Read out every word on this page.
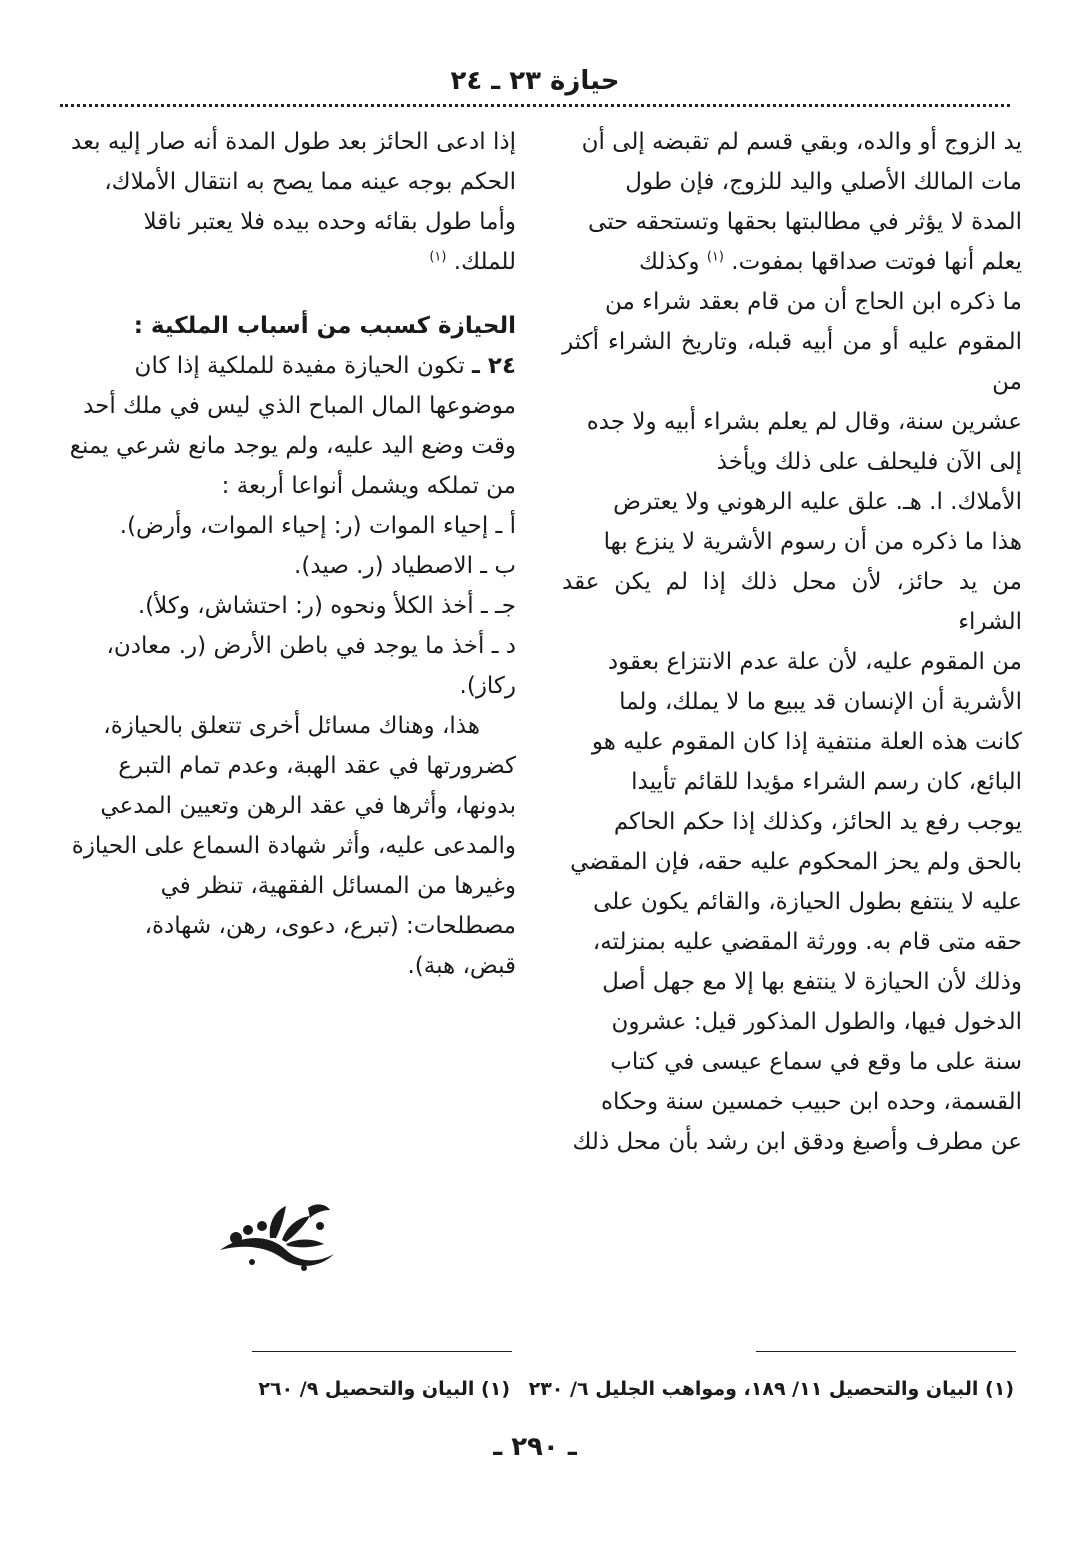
حيازة ٢٣ ـ ٢٤

يد الزوج أو والده، وبقي قسم لم تقبضه إلى أن

مات المالك الأصلي واليد للزوج، فإن طول

المدة لا يؤثر في مطالبتها بحقها وتستحقه حتى

يعلم أنها فوتت صداقها بمفوت. $^{(١)}$ وكذلك

ما ذكره ابن الحاج أن من قام بعقد شراء من

المقوم عليه أو من أبيه قبله، وتاريخ الشراء أكثر من

عشرين سنة، وقال لم يعلم بشراء أبيه ولا جده

إلى الآن فليحلف على ذلك ويأخذ

الأملاك. ا. هـ. علق عليه الرهوني ولا يعترض

هذا ما ذكره من أن رسوم الأشرية لا ينزع بها

من يد حائز، لأن محل ذلك إذا لم يكن عقد الشراء

من المقوم عليه، لأن علة عدم الانتزاع بعقود

الأشرية أن الإنسان قد يبيع ما لا يملك، ولما

كانت هذه العلة منتفية إذا كان المقوم عليه هو

البائع، كان رسم الشراء مؤيدا للقائم تأييدا

يوجب رفع يد الحائز، وكذلك إذا حكم الحاكم

بالحق ولم يحز المحكوم عليه حقه، فإن المقضي

عليه لا ينتفع بطول الحيازة، والقائم يكون على

حقه متى قام به. وورثة المقضي عليه بمنزلته،

وذلك لأن الحيازة لا ينتفع بها إلا مع جهل أصل

الدخول فيها، والطول المذكور قيل: عشرون

سنة على ما وقع في سماع عيسى في كتاب

القسمة، وحده ابن حبيب خمسين سنة وحكاه

عن مطرف وأصبغ ودقق ابن رشد بأن محل ذلك

إذا ادعى الحائز بعد طول المدة أنه صار إليه بعد

الحكم بوجه عينه مما يصح به انتقال الأملاك،

وأما طول بقائه وحده بيده فلا يعتبر ناقلا

للملك. $^{(١)}$

الحيازة كسبب من أسباب الملكية :

٢٤ ـ تكون الحيازة مفيدة للملكية إذا كان

موضوعها المال المباح الذي ليس في ملك أحد

وقت وضع اليد عليه، ولم يوجد مانع شرعي يمنع

من تملكه ويشمل أنواعا أربعة :

أ ـ إحياء الموات (ر: إحياء الموات، وأرض).

ب ـ الاصطياد (ر. صيد).

جـ ـ أخذ الكلأ ونحوه (ر: احتشاش، وكلأ).

د ـ أخذ ما يوجد في باطن الأرض (ر. معادن،

ركاز).

هذا، وهناك مسائل أخرى تتعلق بالحيازة،

كضرورتها في عقد الهبة، وعدم تمام التبرع

بدونها، وأثرها في عقد الرهن وتعيين المدعي

والمدعى عليه، وأثر شهادة السماع على الحيازة

وغيرها من المسائل الفقهية، تنظر في

مصطلحات: (تبرع، دعوى، رهن، شهادة،

قبض، هبة).

(١) البيان والتحصيل ١١/ ١٨٩، ومواهب الجليل ٦/ ٢٣٠
(١) البيان والتحصيل ٩/ ٢٦٠
ـ ٢٩٠ ـ
